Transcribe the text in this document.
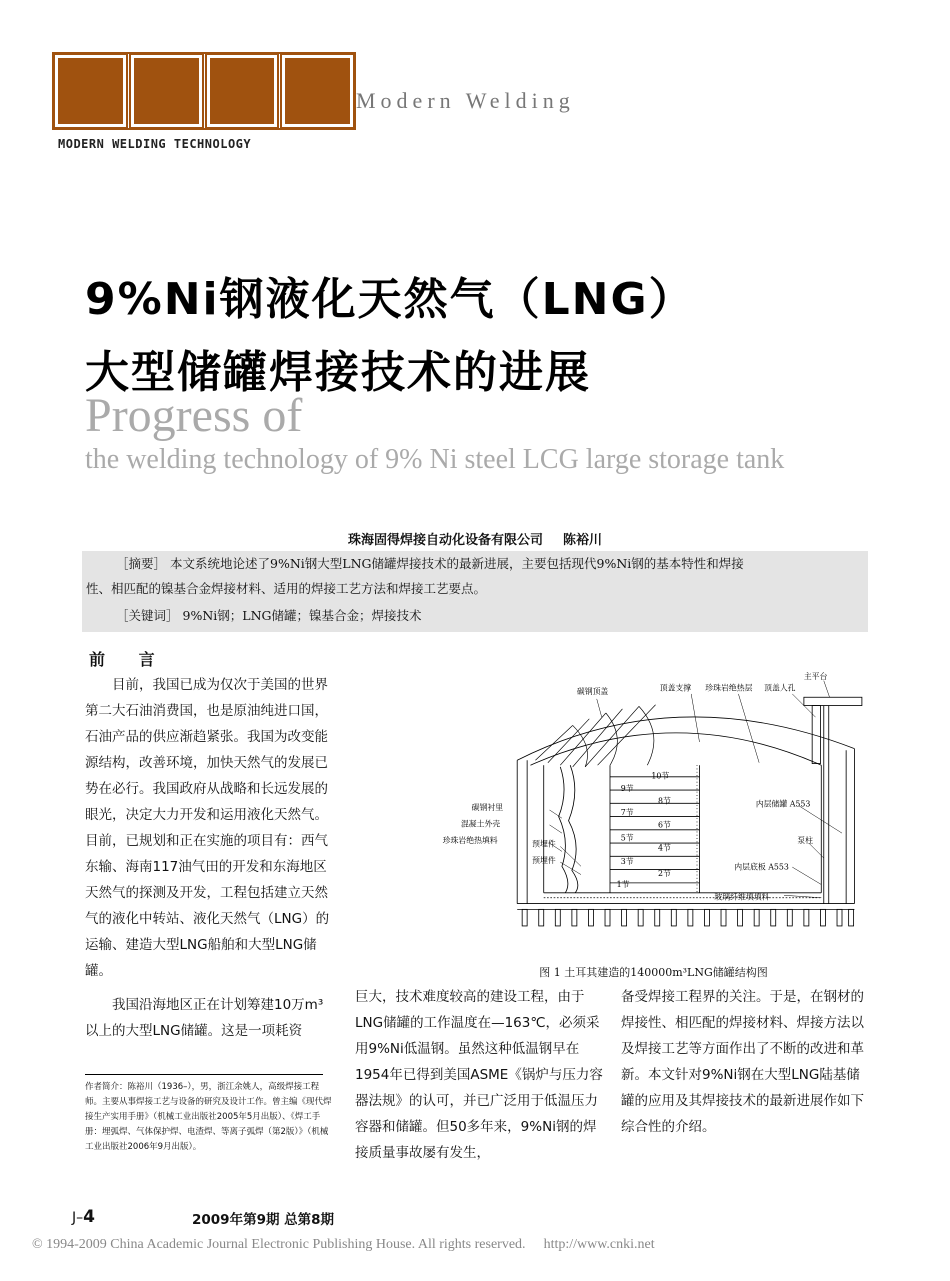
Modern Welding
MODERN WELDING TECHNOLOGY
9%Ni钢液化天然气（LNG）
大型储罐焊接技术的进展
Progress of
the welding technology of 9% Ni steel LCG large storage tank
珠海固得焊接自动化设备有限公司 陈裕川

［摘要］ 本文系统地论述了9%Ni钢大型LNG储罐焊接技术的最新进展，主要包括现代9%Ni钢的基本特性和焊接

性、相匹配的镍基合金焊接材料、适用的焊接工艺方法和焊接工艺要点。

［关键词］ 9%Ni钢；LNG储罐；镍基合金；焊接技术

前 言

目前，我国已成为仅次于美国的世界第二大石油消费国，也是原油纯进口国，石油产品的供应渐趋紧张。我国为改变能源结构，改善环境，加快天然气的发展已势在必行。我国政府从战略和长远发展的眼光，决定大力开发和运用液化天然气。目前，已规划和正在实施的项目有：西气东输、海南117油气田的开发和东海地区天然气的探测及开发，工程包括建立天然气的液化中转站、液化天然气（LNG）的运输、建造大型LNG船舶和大型LNG储罐。

我国沿海地区正在计划筹建10万m³以上的大型LNG储罐。这是一项耗资

巨大，技术难度较高的建设工程，由于LNG储罐的工作温度在—163℃，必须采用9%Ni低温钢。虽然这种低温钢早在1954年已得到美国ASME《锅炉与压力容器法规》的认可，并已广泛用于低温压力容器和储罐。但50多年来，9%Ni钢的焊接质量事故屡有发生，

备受焊接工程界的关注。于是，在钢材的焊接性、相匹配的焊接材料、焊接方法以及焊接工艺等方面作出了不断的改进和革新。本文针对9%Ni钢在大型LNG陆基储罐的应用及其焊接技术的最新进展作如下综合性的介绍。

作者简介：陈裕川（1936–），男，浙江余姚人，高级焊接工程师。主要从事焊接工艺与设备的研究及设计工作。曾主编《现代焊接生产实用手册》（机械工业出版社2005年5月出版）、《焊工手册：埋弧焊、气体保护焊、电渣焊、等离子弧焊（第2版）》（机械工业出版社2006年9月出版）。
主平台
碳钢顶盖	顶盖支撑 珍珠岩绝热层 顶盖人孔
碳钢衬里
混凝土外壳
珍珠岩绝热填料	预埋件
预埋件
内层储罐 A553
泵柱
内层底板 A553
玻璃纤维填填料
10节
9节
8节
7节
6节
5节
4节
3节
2节
1节
图 1 土耳其建造的140000m³LNG储罐结构图
J–4	2009年第9期 总第8期
© 1994-2009 China Academic Journal Electronic Publishing House. All rights reserved. http://www.cnki.net
